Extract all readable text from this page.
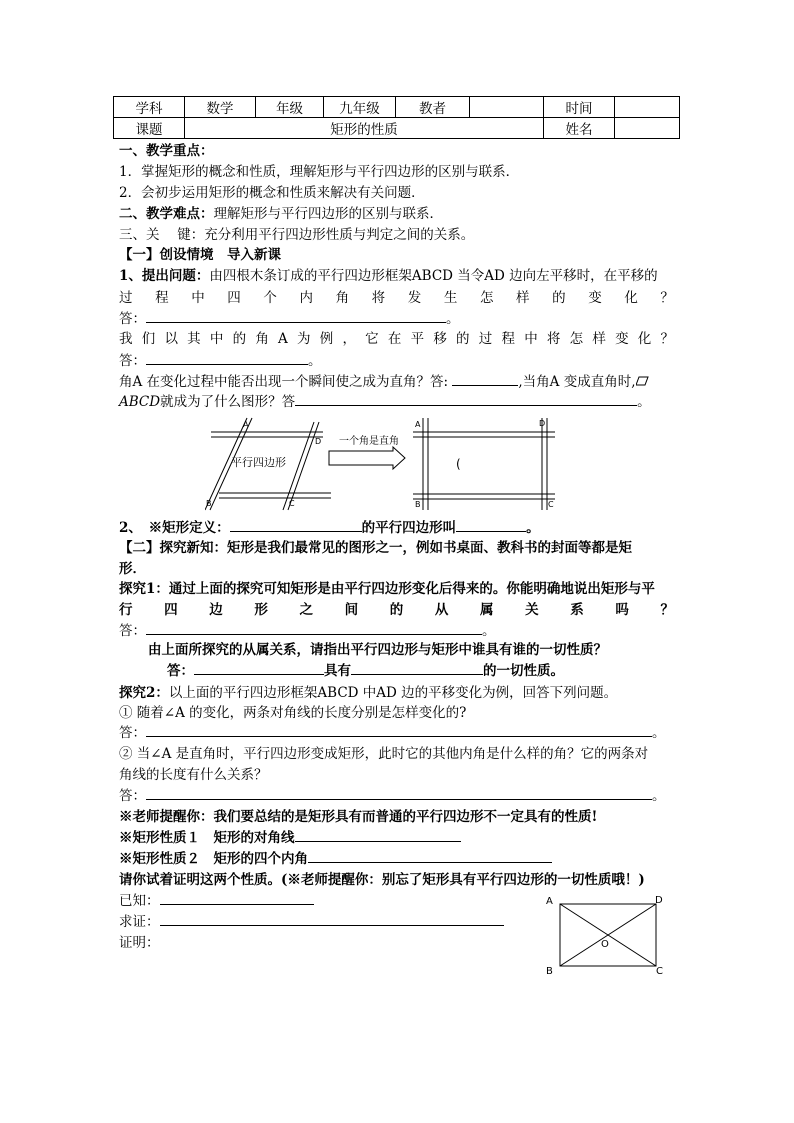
学科	数学	年级	九年级	教者		时间	
课题	矩形的性质					姓名	
一、教学重点：
1．掌握矩形的概念和性质，理解矩形与平行四边形的区别与联系．
2．会初步运用矩形的概念和性质来解决有关问题．
二、教学难点：理解矩形与平行四边形的区别与联系．
三、关　 键：充分利用平行四边形性质与判定之间的关系。
【一】创设情境　导入新课
1、提出问题：由四根木条订成的平行四边形框架ABCD 当令AD 边向左平移时，在平移的
过 程 中 四 个 内 角 将 发 生 怎 样 的 变 化 ？
答：	。
我 们 以 其 中 的 角 A 为 例 ， 它 在 平 移 的 过 程 中 将 怎 样 变 化 ？
答：	。
角A 在变化过程中能否出现一个瞬间使之成为直角？答:	,当角A 变成直角时,
ABCD就成为了什么图形？答	。
平行四边形
A
B	C
D 一个角是直角
A
B	C
D
(
2、　※矩形定义：	的平行四边形叫	。
【二】探究新知：矩形是我们最常见的图形之一，例如书桌面、教科书的封面等都是矩
形．
探究1：通过上面的探究可知矩形是由平行四边形变化后得来的。你能明确地说出矩形与平
行 四 边 形 之 间 的 从 属 关 系 吗 ？
答：	。
由上面所探究的从属关系，请指出平行四边形与矩形中谁具有谁的一切性质？
答：	具有	的一切性质。
探究2：以上面的平行四边形框架ABCD 中AD 边的平移变化为例，回答下列问题。
① 随着∠A 的变化，两条对角线的长度分别是怎样变化的?
答：	。
② 当∠A 是直角时，平行四边形变成矩形，此时它的其他内角是什么样的角？它的两条对
角线的长度有什么关系？
答：	。
※老师提醒你：我们要总结的是矩形具有而普通的平行四边形不一定具有的性质!
※矩形性质１　矩形的对角线
※矩形性质２　矩形的四个内角
请你试着证明这两个性质。(※老师提醒你：别忘了矩形具有平行四边形的一切性质哦！)
已知：
求证：
证明：
A
B	C
D
O
